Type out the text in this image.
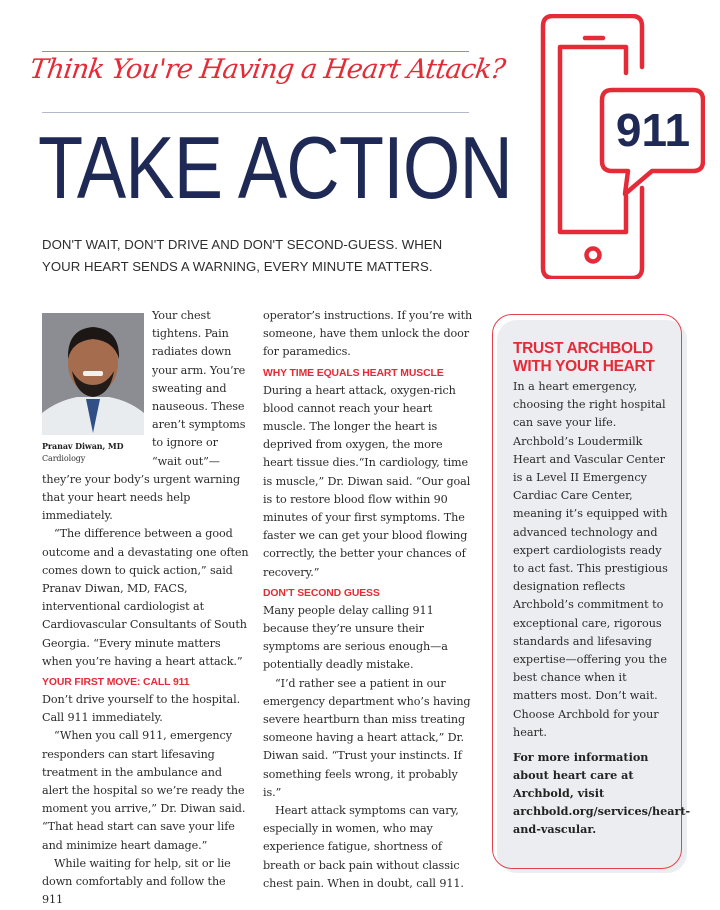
Think You're Having a Heart Attack?
TAKE ACTION
DON'T WAIT, DON'T DRIVE AND DON'T SECOND-GUESS. WHEN YOUR HEART SENDS A WARNING, EVERY MINUTE MATTERS.
911
Pranav Diwan, MD
Cardiology

Your chest tightens. Pain radiates down your arm. You’re sweating and nauseous. These aren’t symptoms to ignore or “wait out”—they’re your body’s urgent warning that your heart needs help immediately.

“The difference between a good outcome and a devastating one often comes down to quick action,” said Pranav Diwan, MD, FACS, interventional cardiologist at Cardiovascular Consultants of South Georgia. “Every minute matters when you’re having a heart attack.”

YOUR FIRST MOVE: CALL 911

Don’t drive yourself to the hospital. Call 911 immediately.

“When you call 911, emergency responders can start lifesaving treatment in the ambulance and alert the hospital so we’re ready the moment you arrive,” Dr. Diwan said. “That head start can save your life and minimize heart damage.”

While waiting for help, sit or lie down comfortably and follow the 911

operator’s instructions. If you’re with someone, have them unlock the door for paramedics.

WHY TIME EQUALS HEART MUSCLE

During a heart attack, oxygen-rich blood cannot reach your heart muscle. The longer the heart is deprived from oxygen, the more heart tissue dies.“In cardiology, time is muscle,” Dr. Diwan said. “Our goal is to restore blood flow within 90 minutes of your first symptoms. The faster we can get your blood flowing correctly, the better your chances of recovery.”

DON'T SECOND GUESS

Many people delay calling 911 because they’re unsure their symptoms are serious enough—a potentially deadly mistake.

“I’d rather see a patient in our emergency department who’s having severe heartburn than miss treating someone having a heart attack,” Dr. Diwan said. “Trust your instincts. If something feels wrong, it probably is.”

Heart attack symptoms can vary, especially in women, who may experience fatigue, shortness of breath or back pain without classic chest pain. When in doubt, call 911.

TRUST ARCHBOLD WITH YOUR HEART

In a heart emergency, choosing the right hospital can save your life. Archbold’s Loudermilk Heart and Vascular Center is a Level II Emergency Cardiac Care Center, meaning it’s equipped with advanced technology and expert cardiologists ready to act fast. This prestigious designation reflects Archbold’s commitment to exceptional care, rigorous standards and lifesaving expertise—offering you the best chance when it matters most. Don’t wait. Choose Archbold for your heart.

For more information about heart care at Archbold, visit archbold.org/services/heart-and-vascular.
